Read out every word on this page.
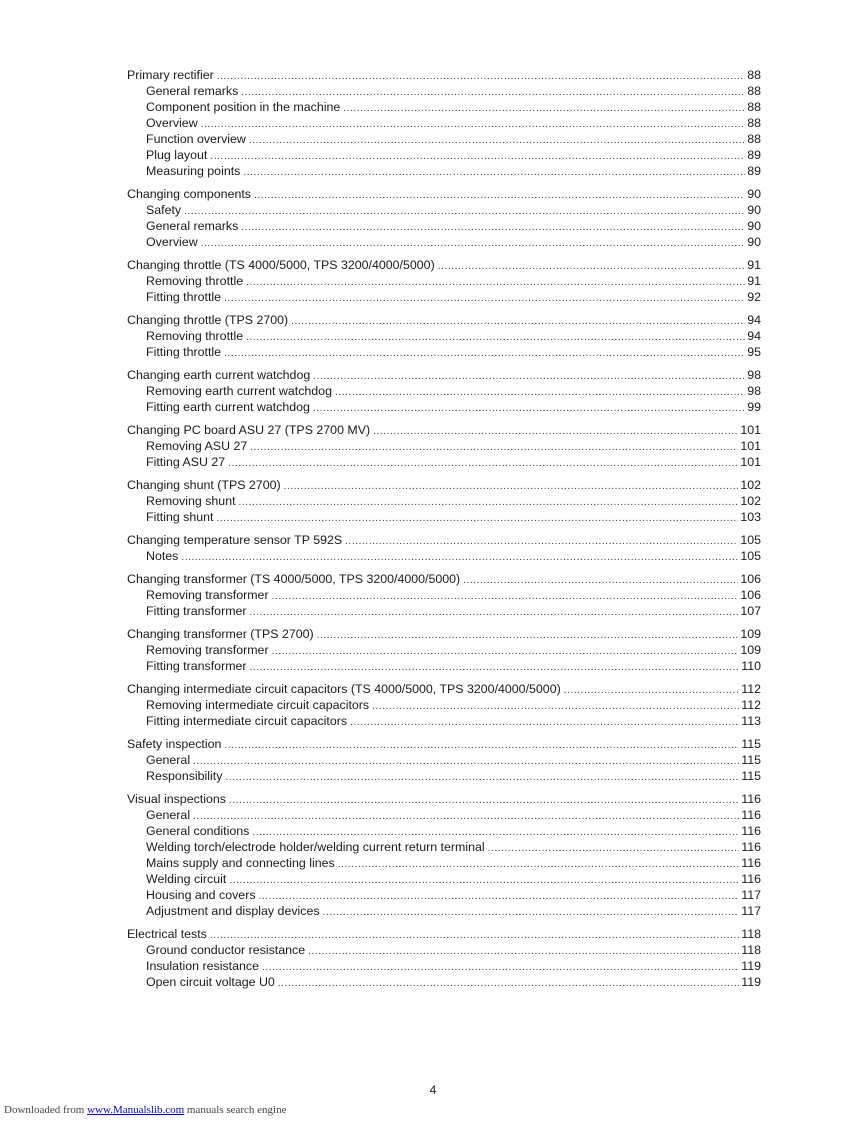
Primary rectifier .....	88
General remarks .....	88
Component position in the machine .....	88
Overview .....	88
Function overview .....	88
Plug layout .....	89
Measuring points .....	89
Changing components .....	90
Safety .....	90
General remarks .....	90
Overview .....	90
Changing throttle (TS 4000/5000, TPS 3200/4000/5000) .....	91
Removing throttle .....	91
Fitting throttle .....	92
Changing throttle (TPS 2700) .....	94
Removing throttle .....	94
Fitting throttle .....	95
Changing earth current watchdog .....	98
Removing earth current watchdog .....	98
Fitting earth current watchdog .....	99
Changing PC board ASU 27 (TPS 2700 MV) .....	101
Removing ASU 27 .....	101
Fitting ASU 27 .....	101
Changing shunt (TPS 2700) .....	102
Removing shunt .....	102
Fitting shunt .....	103
Changing temperature sensor TP 592S .....	105
Notes .....	105
Changing transformer (TS 4000/5000, TPS 3200/4000/5000) .....	106
Removing transformer .....	106
Fitting transformer .....	107
Changing transformer (TPS 2700) .....	109
Removing transformer .....	109
Fitting transformer .....	110
Changing intermediate circuit capacitors (TS 4000/5000, TPS 3200/4000/5000) .....	112
Removing intermediate circuit capacitors .....	112
Fitting intermediate circuit capacitors .....	113
Safety inspection .....	115
General .....	115
Responsibility .....	115
Visual inspections .....	116
General .....	116
General conditions .....	116
Welding torch/electrode holder/welding current return terminal .....	116
Mains supply and connecting lines .....	116
Welding circuit .....	116
Housing and covers .....	117
Adjustment and display devices .....	117
Electrical tests .....	118
Ground conductor resistance .....	118
Insulation resistance .....	119
Open circuit voltage U0 .....	119
4
Downloaded from www.Manualslib.com manuals search engine
